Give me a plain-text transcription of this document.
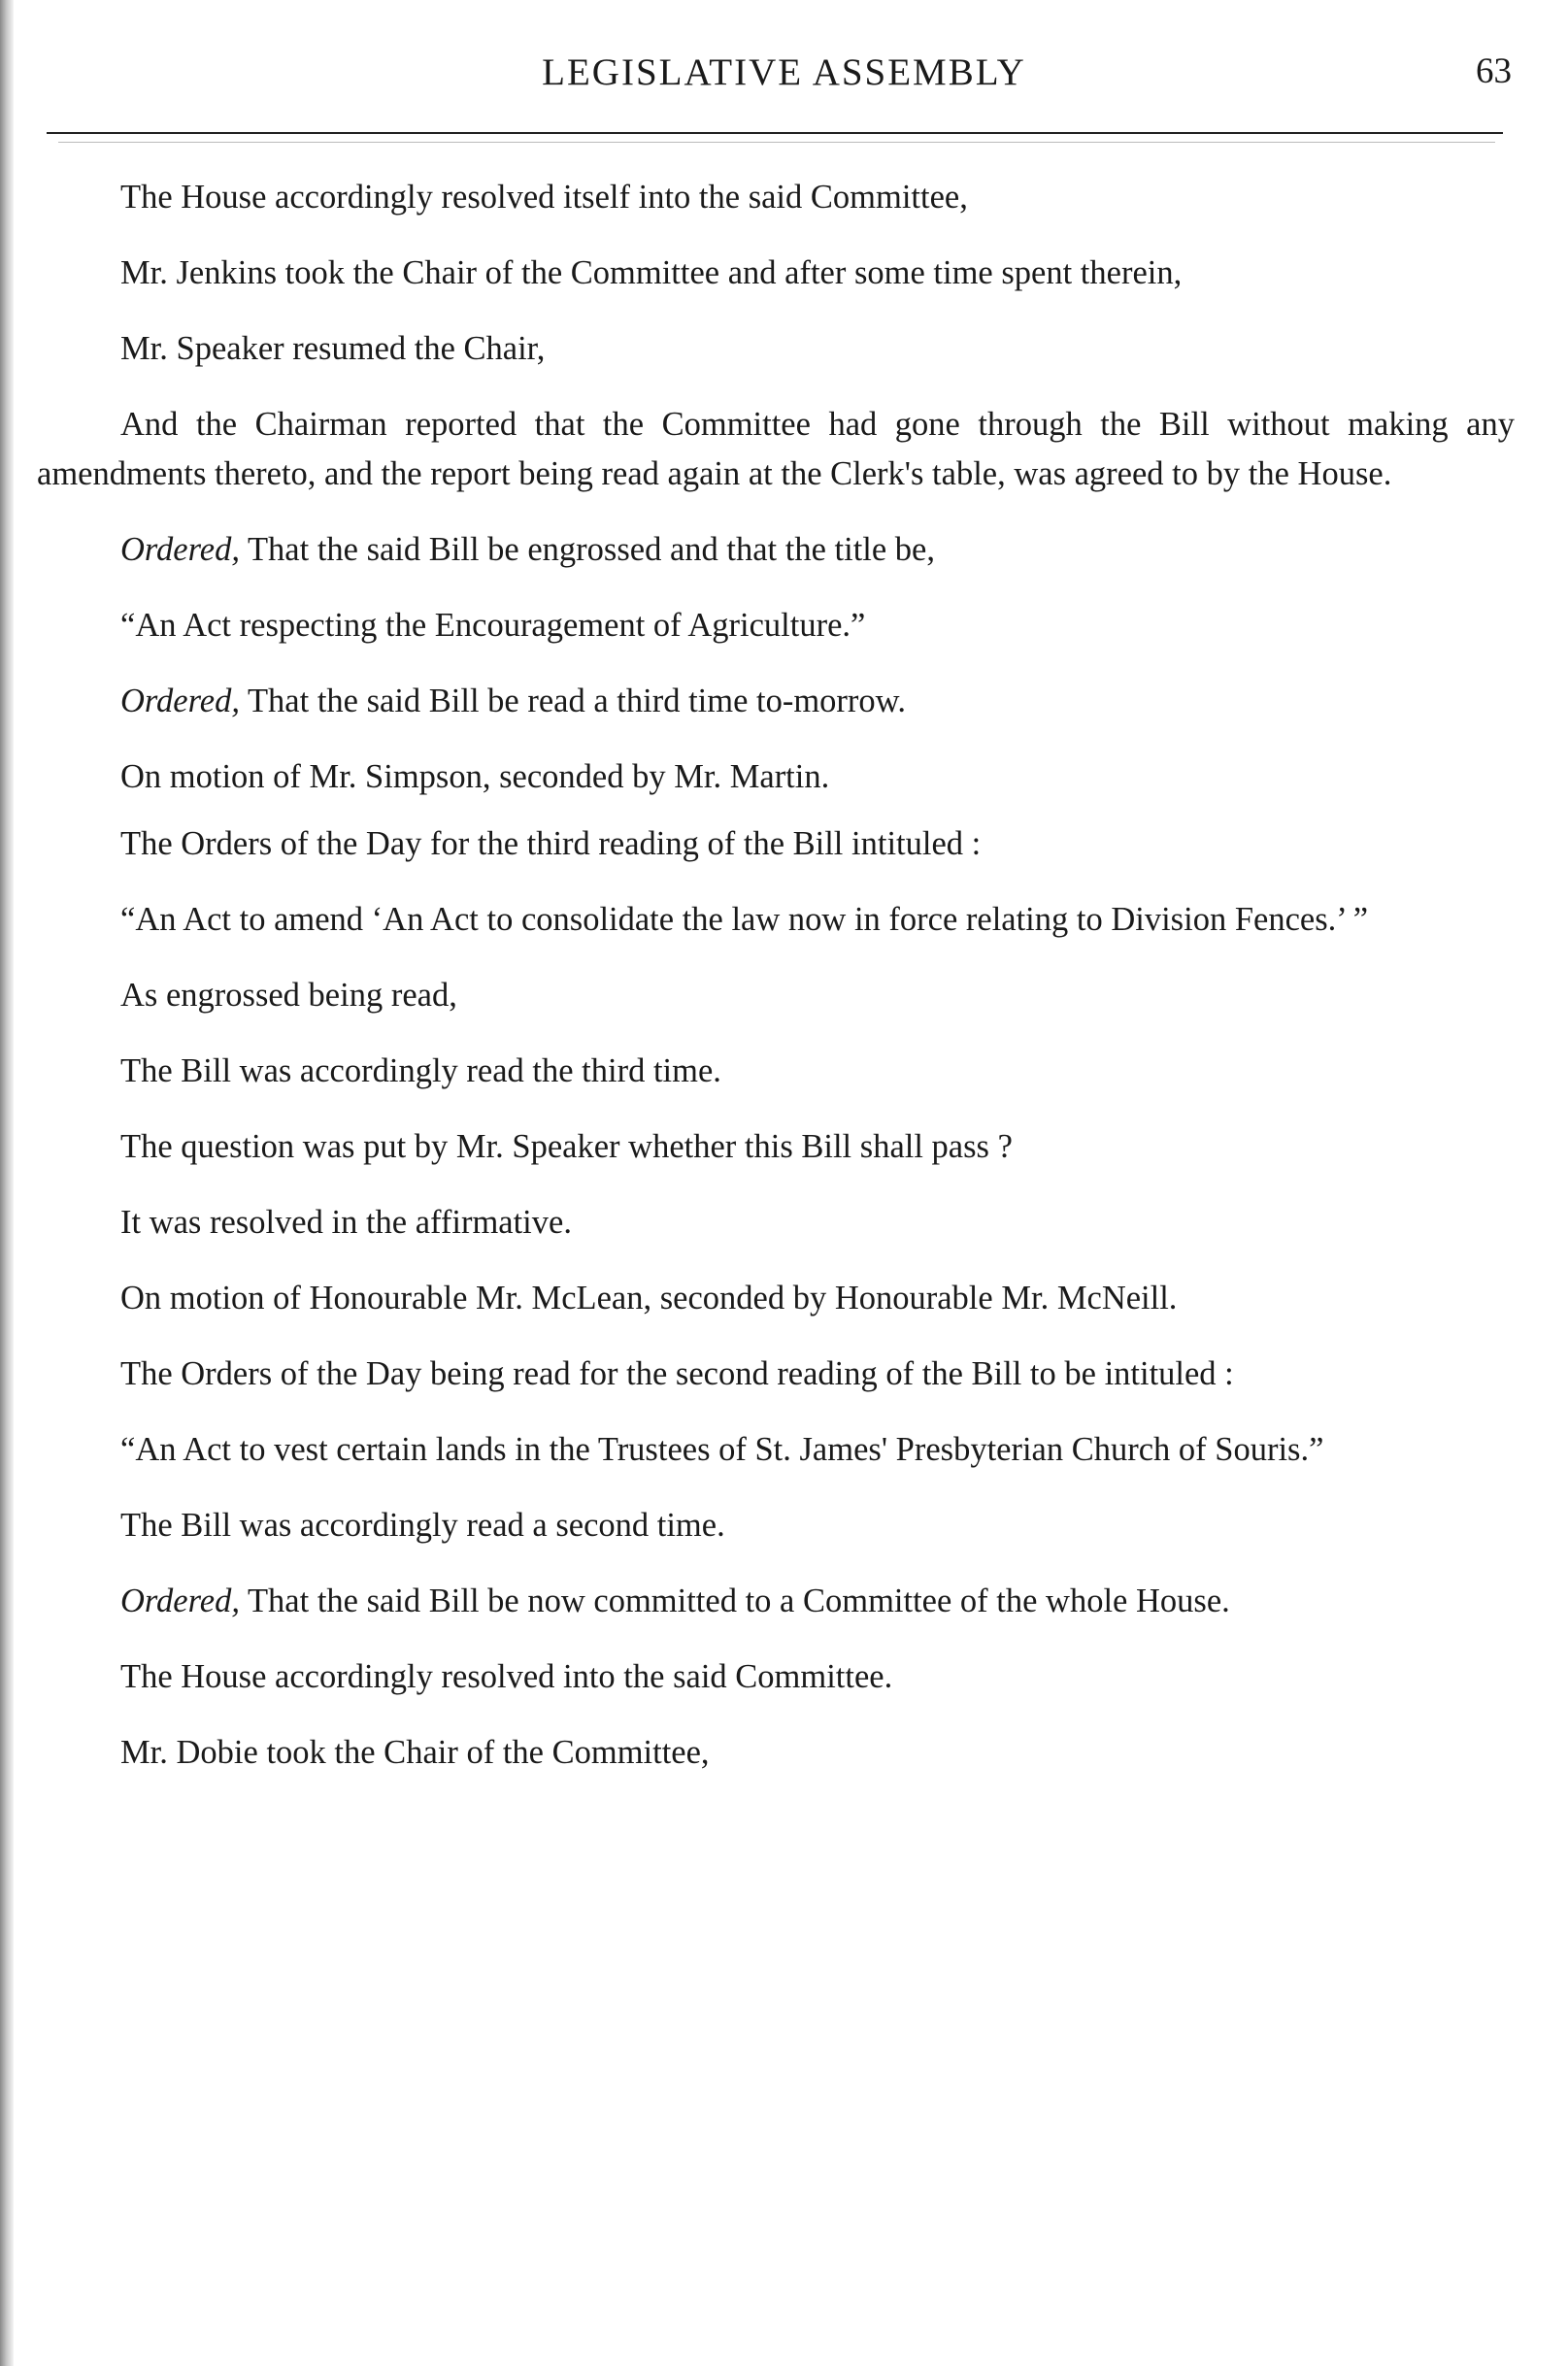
LEGISLATIVE ASSEMBLY	63

The House accordingly resolved itself into the said Committee,

Mr. Jenkins took the Chair of the Committee and after some time spent therein,

Mr. Speaker resumed the Chair,

And the Chairman reported that the Committee had gone through the Bill without making any amendments thereto, and the report being read again at the Clerk's table, was agreed to by the House.

Ordered, That the said Bill be engrossed and that the title be,

“An Act respecting the Encouragement of Agriculture.”

Ordered, That the said Bill be read a third time to-morrow.

On motion of Mr. Simpson, seconded by Mr. Martin.

The Orders of the Day for the third reading of the Bill intituled :

“An Act to amend ‘An Act to consolidate the law now in force relating to Division Fences.’ ”

As engrossed being read,

The Bill was accordingly read the third time.

The question was put by Mr. Speaker whether this Bill shall pass ?

It was resolved in the affirmative.

On motion of Honourable Mr. McLean, seconded by Honourable Mr. McNeill.

The Orders of the Day being read for the second reading of the Bill to be intituled :

“An Act to vest certain lands in the Trustees of St. James' Presbyterian Church of Souris.”

The Bill was accordingly read a second time.

Ordered, That the said Bill be now committed to a Committee of the whole House.

The House accordingly resolved into the said Committee.

Mr. Dobie took the Chair of the Committee,
